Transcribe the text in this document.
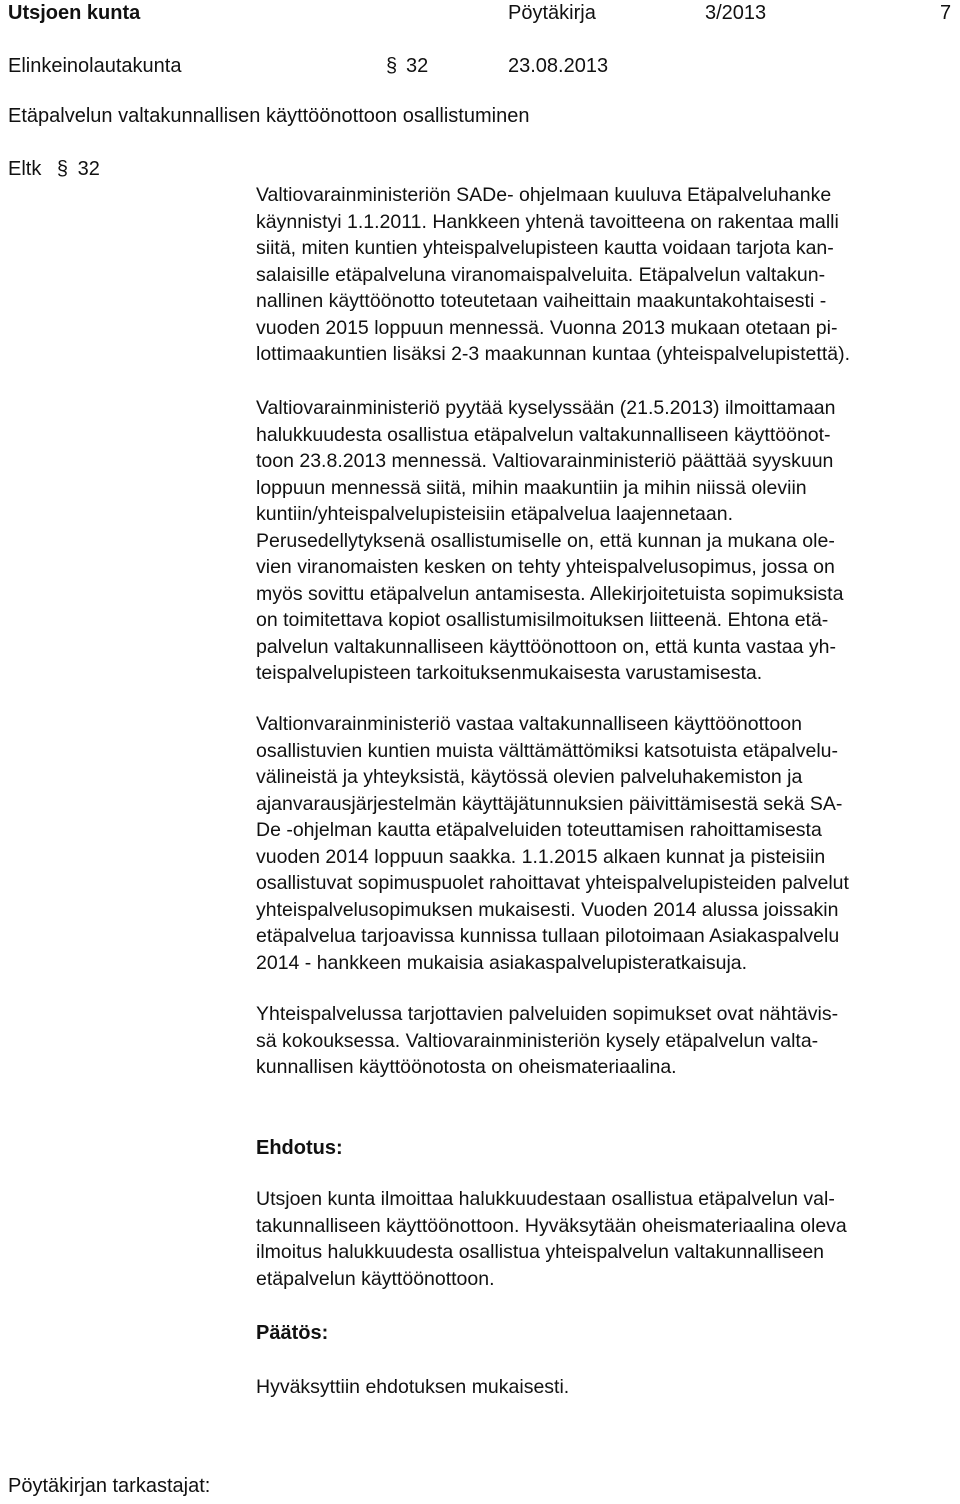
Utsjoen kunta	Pöytäkirja	3/2013	7
Elinkeinolautakunta	§ 32	23.08.2013
Etäpalvelun valtakunnallisen käyttöönottoon osallistuminen
Eltk § 32
Valtiovarainministeriön SADe- ohjelmaan kuuluva Etäpalveluhanke
käynnistyi 1.1.2011. Hankkeen yhtenä tavoitteena on rakentaa malli
siitä, miten kuntien yhteispalvelupisteen kautta voidaan tarjota kan-
salaisille etäpalveluna viranomaispalveluita. Etäpalvelun valtakun-
nallinen käyttöönotto toteutetaan vaiheittain maakuntakohtaisesti -
vuoden 2015 loppuun mennessä. Vuonna 2013 mukaan otetaan pi-
lottimaakuntien lisäksi 2-3 maakunnan kuntaa (yhteispalvelupistettä).
Valtiovarainministeriö pyytää kyselyssään (21.5.2013) ilmoittamaan
halukkuudesta osallistua etäpalvelun valtakunnalliseen käyttöönot-
toon 23.8.2013 mennessä. Valtiovarainministeriö päättää syyskuun
loppuun mennessä siitä, mihin maakuntiin ja mihin niissä oleviin
kuntiin/yhteispalvelupisteisiin etäpalvelua laajennetaan.
Perusedellytyksenä osallistumiselle on, että kunnan ja mukana ole-
vien viranomaisten kesken on tehty yhteispalvelusopimus, jossa on
myös sovittu etäpalvelun antamisesta. Allekirjoitetuista sopimuksista
on toimitettava kopiot osallistumisilmoituksen liitteenä. Ehtona etä-
palvelun valtakunnalliseen käyttöönottoon on, että kunta vastaa yh-
teispalvelupisteen tarkoituksenmukaisesta varustamisesta.
Valtionvarainministeriö vastaa valtakunnalliseen käyttöönottoon
osallistuvien kuntien muista välttämättömiksi katsotuista etäpalvelu-
välineistä ja yhteyksistä, käytössä olevien palveluhakemiston ja
ajanvarausjärjestelmän käyttäjätunnuksien päivittämisestä sekä SA-
De -ohjelman kautta etäpalveluiden toteuttamisen rahoittamisesta
vuoden 2014 loppuun saakka. 1.1.2015 alkaen kunnat ja pisteisiin
osallistuvat sopimuspuolet rahoittavat yhteispalvelupisteiden palvelut
yhteispalvelusopimuksen mukaisesti. Vuoden 2014 alussa joissakin
etäpalvelua tarjoavissa kunnissa tullaan pilotoimaan Asiakaspalvelu
2014 - hankkeen mukaisia asiakaspalvelupisteratkaisuja.
Yhteispalvelussa tarjottavien palveluiden sopimukset ovat nähtävis-
sä kokouksessa. Valtiovarainministeriön kysely etäpalvelun valta-
kunnallisen käyttöönotosta on oheismateriaalina.
Ehdotus:
Utsjoen kunta ilmoittaa halukkuudestaan osallistua etäpalvelun val-
takunnalliseen käyttöönottoon. Hyväksytään oheismateriaalina oleva
ilmoitus halukkuudesta osallistua yhteispalvelun valtakunnalliseen
etäpalvelun käyttöönottoon.
Päätös:
Hyväksyttiin ehdotuksen mukaisesti.
Pöytäkirjan tarkastajat:
